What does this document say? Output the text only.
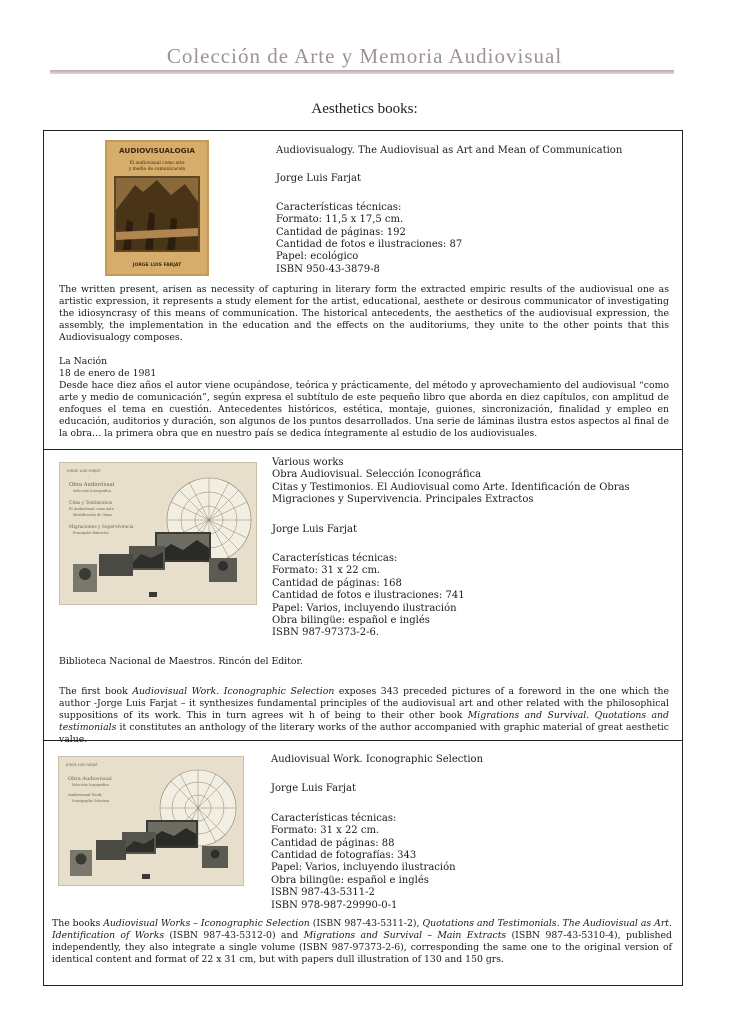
Colección de Arte y Memoria Audiovisual
Aesthetics books:
AUDIOVISUALOGIA
El audiovisual como arte
y medio de comunicación
JORGE LUIS FARJAT
Audiovisualogy. The Audiovisual as Art and Mean of Communication
Jorge Luis Farjat
Características técnicas:
Formato: 11,5 x 17,5 cm.
Cantidad de páginas: 192
Cantidad de fotos e ilustraciones: 87
Papel: ecológico
ISBN 950-43-3879-8

The written present, arisen as necessity of capturing in literary form the extracted empiric results of the audiovisual one as artistic expression, it represents a study element for the artist, educational, aesthete or desirous communicator of investigating the idiosyncrasy of this means of communication. The historical antecedents, the aesthetics of the audiovisual expression, the assembly, the implementation in the education and the effects on the auditoriums, they unite to the other points that this Audiovisualogy composes.

La Nación

18 de enero de 1981

Desde hace diez años el autor viene ocupándose, teórica y prácticamente, del método y aprovechamiento del audiovisual “como arte y medio de comunicación”, según expresa el subtítulo de este pequeño libro que aborda en diez capítulos, con amplitud de enfoques el tema en cuestión. Antecedentes históricos, estética, montaje, guiones, sincronización, finalidad y empleo en educación, auditorios y duración, son algunos de los puntos desarrollados. Una serie de láminas ilustra estos aspectos al final de la obra… la primera obra que en nuestro país se dedica íntegramente al estudio de los audiovisuales.

JORGE LUIS FARJAT
Obra Audiovisual
Selección Iconográfica
Citas y Testimonios
El Audiovisual como Arte
Identificación de Obras
Migraciones y Supervivencia
Principales Extractos
Various works
Obra Audiovisual. Selección Iconográfica
Citas y Testimonios. El Audiovisual como Arte. Identificación de Obras
Migraciones y Supervivencia. Principales Extractos
Jorge Luis Farjat
Características técnicas:
Formato: 31 x 22 cm.
Cantidad de páginas: 168
Cantidad de fotos e ilustraciones: 741
Papel: Varios, incluyendo ilustración
Obra bilingüe: español e inglés
ISBN 987-97373-2-6.

Biblioteca Nacional de Maestros. Rincón del Editor.

The first book Audiovisual Work. Iconographic Selection exposes 343 preceded pictures of a foreword in the one which the author -Jorge Luis Farjat – it synthesizes fundamental principles of the audiovisual art and other related with the philosophical suppositions of its work. This in turn agrees wit h of being to their other book Migrations and Survival. Quotations and testimonials it constitutes an anthology of the literary works of the author accompanied with graphic material of great aesthetic value.

JORGE LUIS FARJAT
Obra Audiovisual
Selección Iconográfica
Audiovisual Work
Iconographic Selection
Audiovisual Work. Iconographic Selection
Jorge Luis Farjat
Características técnicas:
Formato: 31 x 22 cm.
Cantidad de páginas: 88
Cantidad de fotografías: 343
Papel: Varios, incluyendo ilustración
Obra bilingüe: español e inglés
ISBN 987-43-5311-2
ISBN 978-987-29990-0-1

The books Audiovisual Works – Iconographic Selection (ISBN 987-43-5311-2), Quotations and Testimonials. The Audiovisual as Art. Identification of Works (ISBN 987-43-5312-0) and Migrations and Survival – Main Extracts (ISBN 987-43-5310-4), published independently, they also integrate a single volume (ISBN 987-97373-2-6), corresponding the same one to the original version of identical content and format of 22 x 31 cm, but with papers dull illustration of 130 and 150 grs.
